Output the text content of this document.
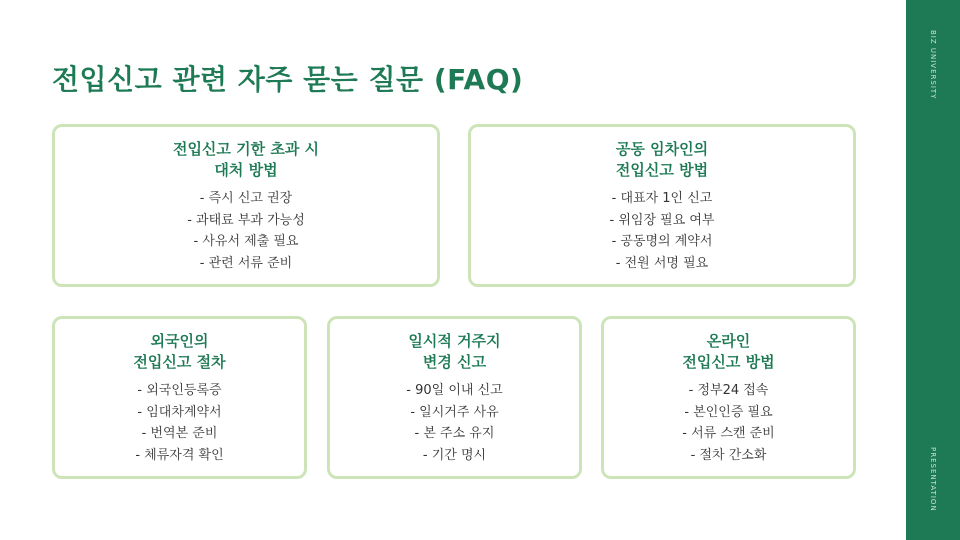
전입신고 관련 자주 묻는 질문 (FAQ)	BIZ UNIVERSITY
PRESENTATION
전입신고 기한 초과 시
대처 방법
- 즉시 신고 권장
- 과태료 부과 가능성
- 사유서 제출 필요
- 관련 서류 준비
공동 임차인의
전입신고 방법
- 대표자 1인 신고
- 위임장 필요 여부
- 공동명의 계약서
- 전원 서명 필요
외국인의
전입신고 절차
- 외국인등록증
- 임대차계약서
- 번역본 준비
- 체류자격 확인
일시적 거주지
변경 신고
- 90일 이내 신고
- 일시거주 사유
- 본 주소 유지
- 기간 명시
온라인
전입신고 방법
- 정부24 접속
- 본인인증 필요
- 서류 스캔 준비
- 절차 간소화
